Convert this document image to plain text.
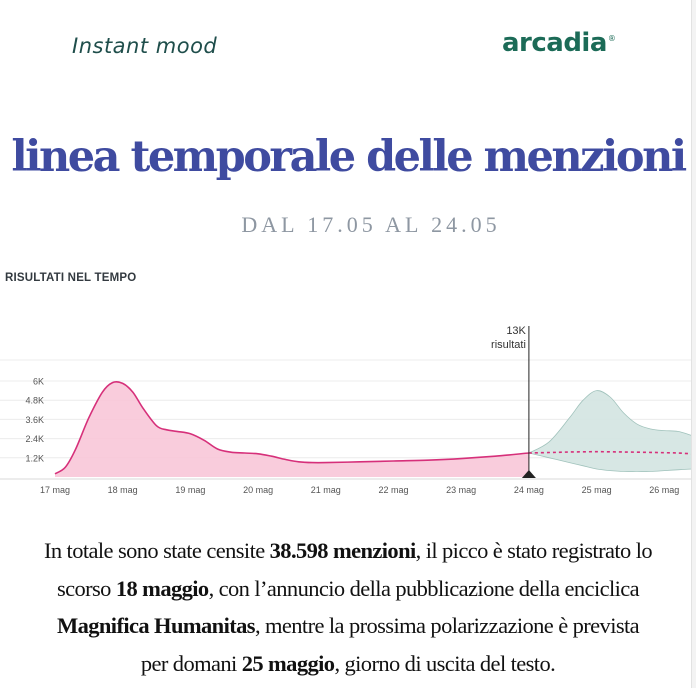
Instant mood	arcadia®
linea temporale delle menzioni
DAL 17.05 AL 24.05
RISULTATI NEL TEMPO
13K
risultati
1.2K
2.4K
3.6K
4.8K
6K
17 mag	18 mag	19 mag	20 mag	21 mag	22 mag	23 mag	24 mag	25 mag	26 mag
In totale sono state censite 38.598 menzioni, il picco è stato registrato lo
scorso 18 maggio, con l’annuncio della pubblicazione della enciclica
Magnifica Humanitas, mentre la prossima polarizzazione è prevista
per domani 25 maggio, giorno di uscita del testo.
